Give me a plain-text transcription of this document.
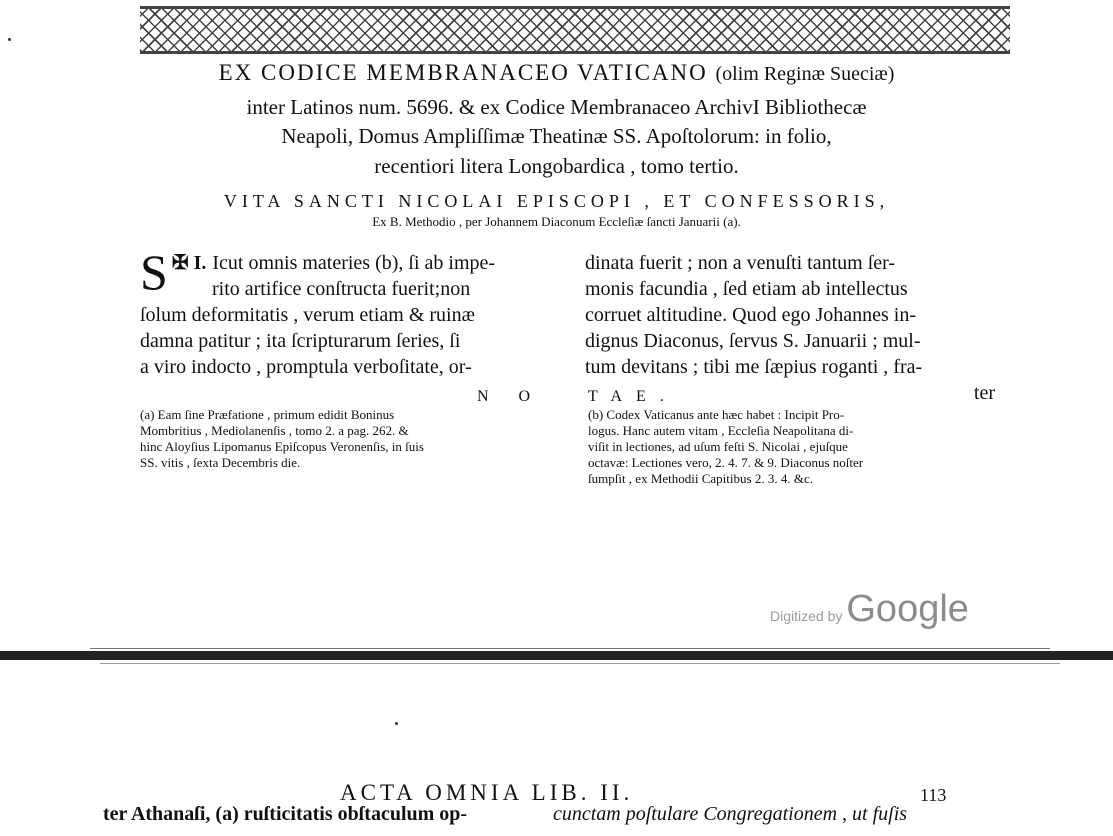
EX CODICE MEMBRANACEO VATICANO (olim Reginæ Sueciæ)
inter Latinos num. 5696. & ex Codice Membranaceo ArchivI Bibliothecæ
Neapoli, Domus Ampliſſimæ Theatinæ SS. Apoſtolorum: in folio,
recentiori litera Longobardica , tomo tertio.
VITA SANCTI NICOLAI EPISCOPI , ET CONFESSORIS,
Ex B. Methodio , per Johannem Diaconum Eccleſiæ ſancti Januarii (a).
✠ I.
S Icut omnis materies (b), ſi ab impe-
rito artifice conſtructa fuerit;non
ſolum deformitatis , verum etiam & ruinæ
damna patitur ; ita ſcripturarum ſeries, ſi
a viro indocto , promptula verboſitate, or-
dinata fuerit ; non a venuſti tantum ſer-
monis facundia , ſed etiam ab intellectus
corruet altitudine. Quod ego Johannes in-
dignus Diaconus, ſervus S. Januarii ; mul-
tum devitans ; tibi me ſæpius roganti , fra-
ter
NO TAE.
(a) Eam ſine Præfatione , primum edidit Boninus
Mombritius , Mediolanenſis , tomo 2. a pag. 262. &
hinc Aloyſius Lipomanus Epiſcopus Veronenſis, in ſuis
SS. vitis , ſexta Decembris die.
(b) Codex Vaticanus ante hæc habet : Incipit Pro-
logus. Hanc autem vitam , Eccleſia Neapolitana di-
viſit in lectiones, ad uſum feſti S. Nicolai , ejuſque
octavæ: Lectiones vero, 2. 4. 7. & 9. Diaconus noſter
ſumpſit , ex Methodii Capitibus 2. 3. 4. &c.
Digitized by Google
ACTA OMNIA LIB. II.	113
ter Athanaſi, (a) ruſticitatis obſtaculum op-	cunctam poſtulare Congregationem , ut fuſis
